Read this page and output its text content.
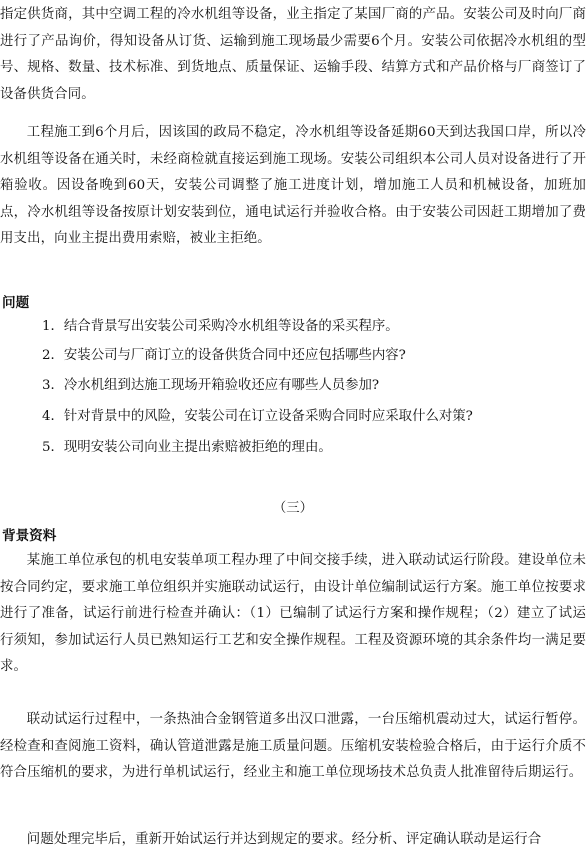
指定供货商，其中空调工程的冷水机组等设备，业主指定了某国厂商的产品。安装公司及时向厂商进行了产品询价，得知设备从订货、运输到施工现场最少需要6个月。安装公司依据冷水机组的型号、规格、数量、技术标准、到货地点、质量保证、运输手段、结算方式和产品价格与厂商签订了设备供货合同。

工程施工到6个月后，因该国的政局不稳定，冷水机组等设备延期60天到达我国口岸，所以冷水机组等设备在通关时，未经商检就直接运到施工现场。安装公司组织本公司人员对设备进行了开箱验收。因设备晚到60天，安装公司调整了施工进度计划，增加施工人员和机械设备，加班加点，冷水机组等设备按原计划安装到位，通电试运行并验收合格。由于安装公司因赶工期增加了费用支出，向业主提出费用索赔，被业主拒绝。

问题
1．结合背景写出安装公司采购冷水机组等设备的采买程序。
2．安装公司与厂商订立的设备供货合同中还应包括哪些内容?
3．冷水机组到达施工现场开箱验收还应有哪些人员参加?
4．针对背景中的风险，安装公司在订立设备采购合同时应采取什么对策?
5．现明安装公司向业主提出索赔被拒绝的理由。
（三）
背景资料

某施工单位承包的机电安装单项工程办理了中间交接手续，进入联动试运行阶段。建设单位未按合同约定，要求施工单位组织并实施联动试运行，由设计单位编制试运行方案。施工单位按要求进行了准备，试运行前进行检查并确认：（1）已编制了试运行方案和操作规程；（2）建立了试运行须知，参加试运行人员已熟知运行工艺和安全操作规程。工程及资源环境的其余条件均一满足要求。

联动试运行过程中，一条热油合金钢管道多出汉口泄露，一台压缩机震动过大，试运行暂停。经检查和查阅施工资料，确认管道泄露是施工质量问题。压缩机安装检验合格后，由于运行介质不符合压缩机的要求，为进行单机试运行，经业主和施工单位现场技术总负责人批准留待后期运行。

问题处理完毕后，重新开始试运行并达到规定的要求。经分析、评定确认联动是运行合
